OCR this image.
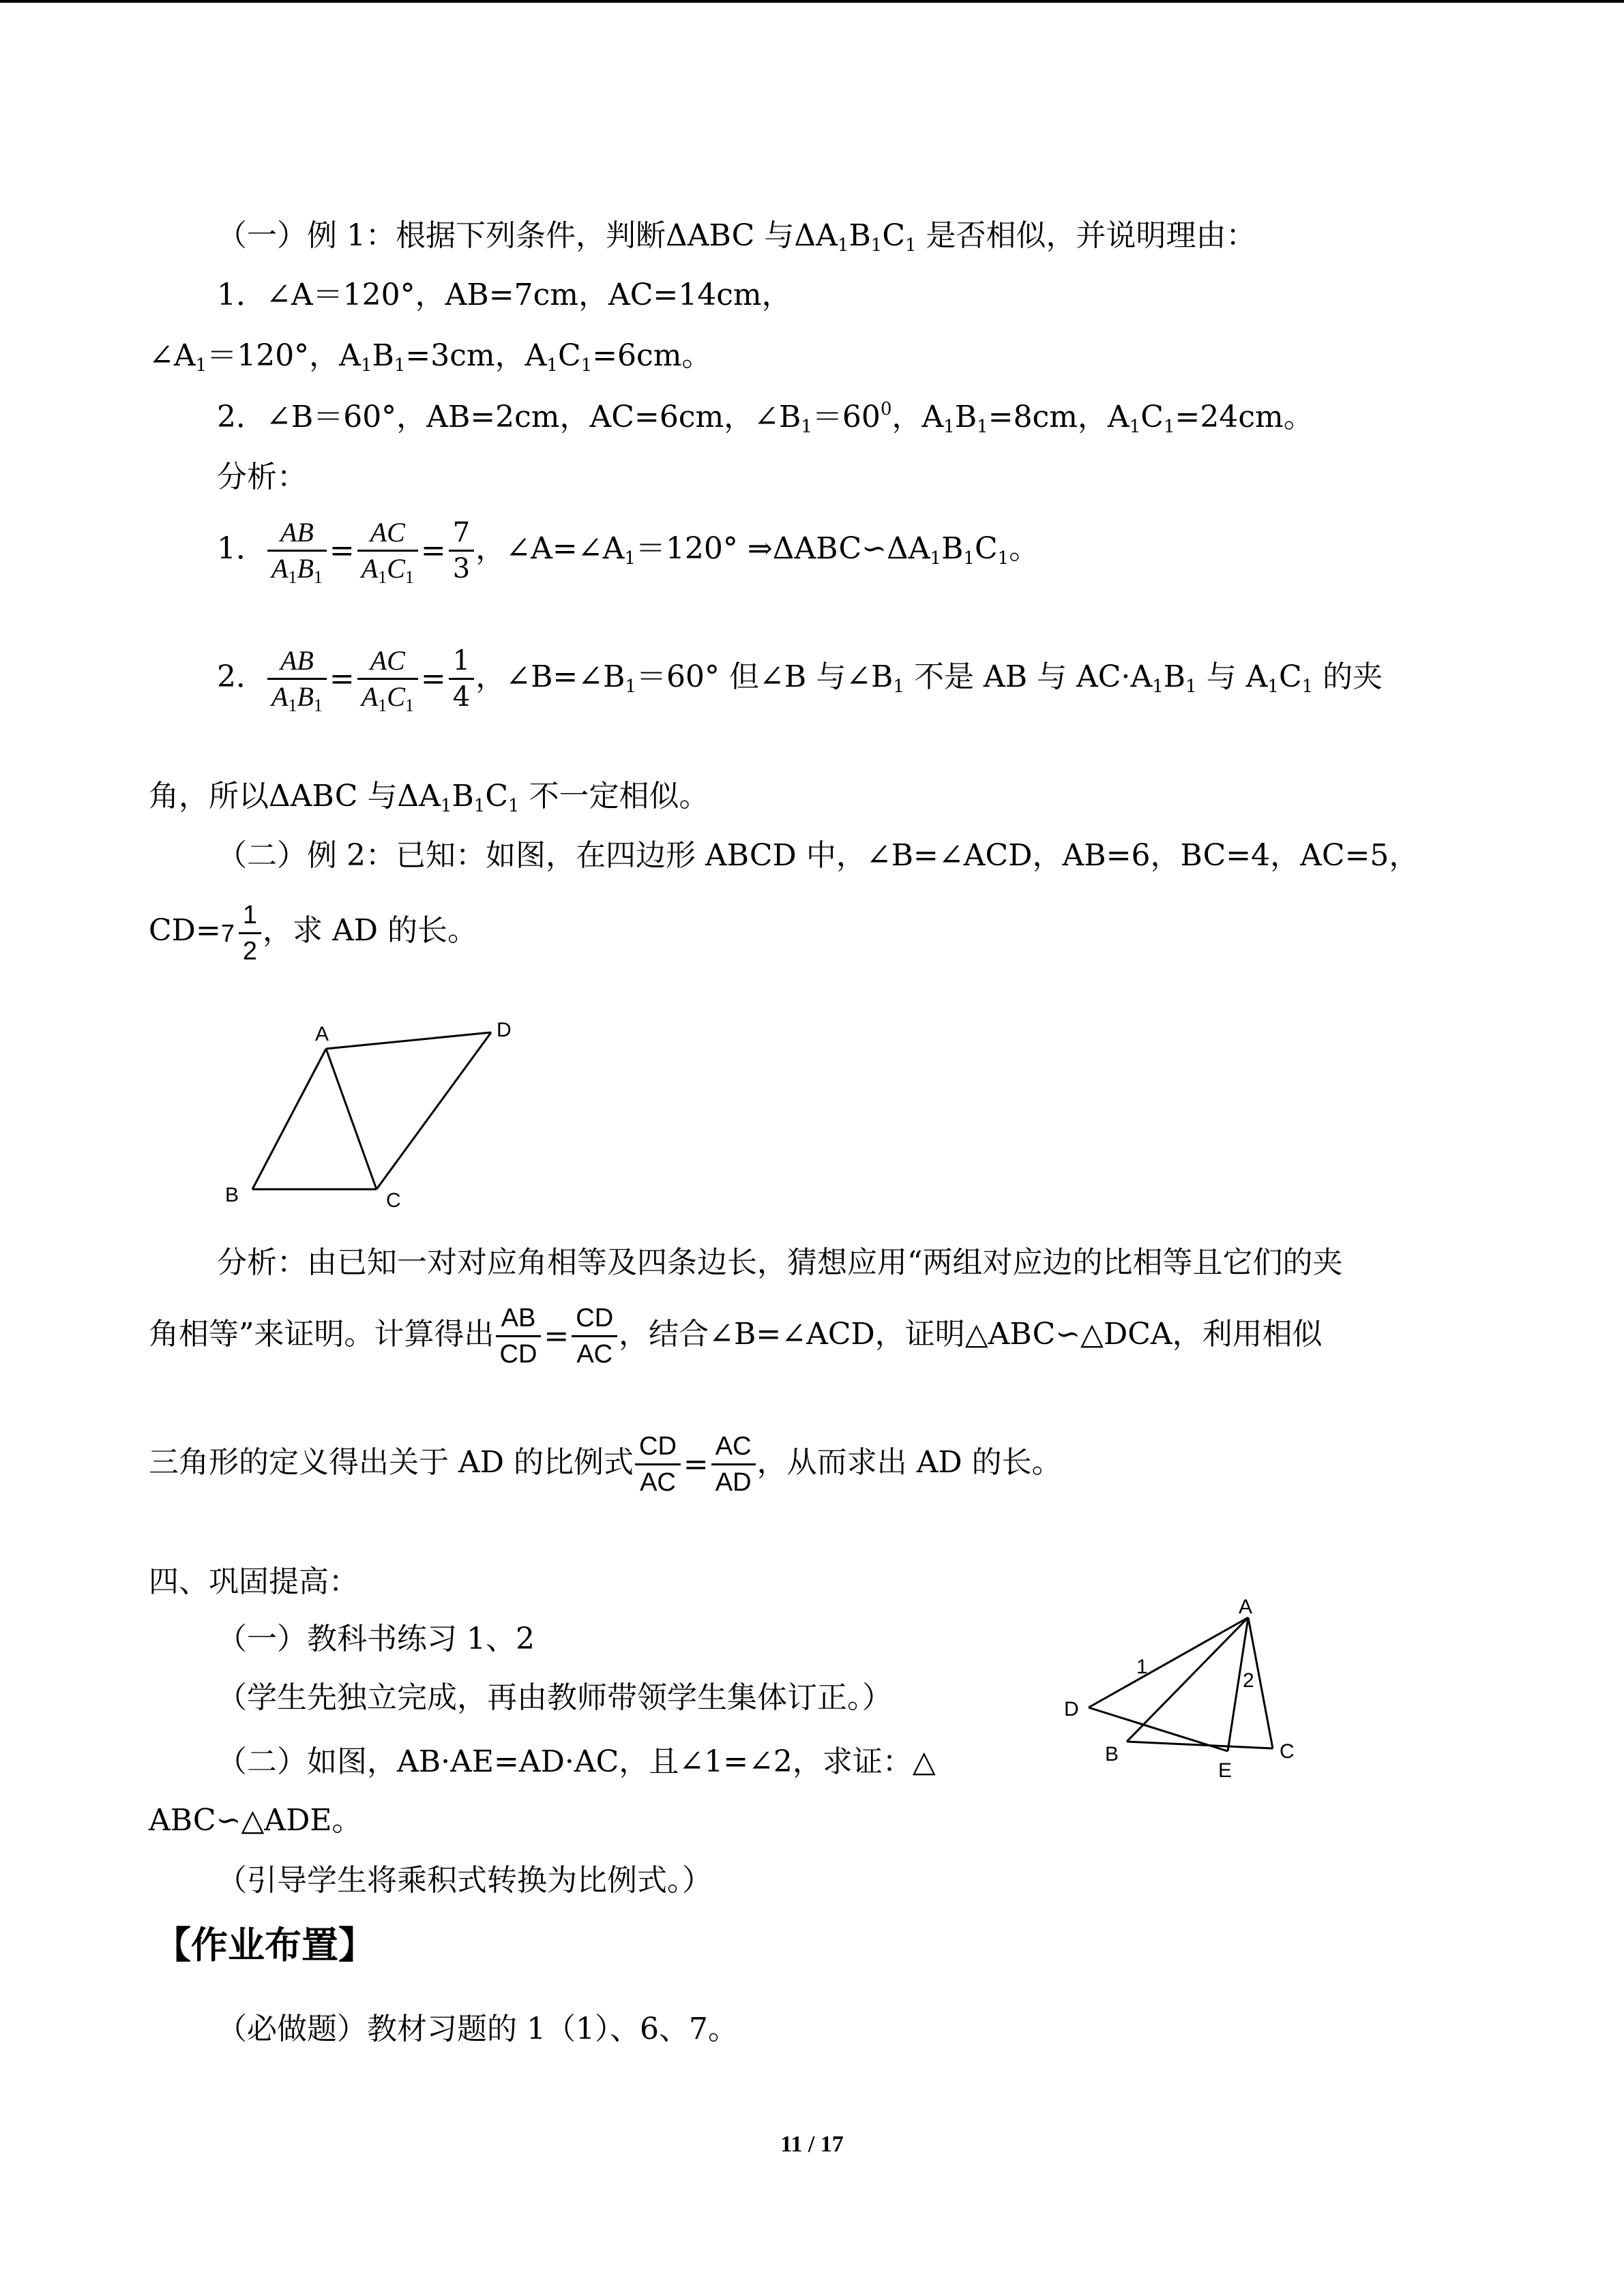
（一）例 1：根据下列条件，判断ΔABC 与$\Delta A_1B_1C_1$ 是否相似，并说明理由：
1．∠A＝120°，AB=7cm，AC=14cm，
$\angle A_1=120^\circ$，$A_1B_1=3cm$，$A_1C_1=6cm$。
2．∠B＝60°，AB=2cm，AC=6cm，$\angle B_1=60^0$，$A_1B_1=8cm$，$A_1C_1=24cm$。
分析：
1． $\frac{AB}{A_1B_1} = \frac{AC}{A_1C_1} = \frac{7}{3}$ ，$\angle A=\angle A_1=120^\circ$ $\Rightarrow\Delta ABC∽\Delta A_1B_1C_1$。
2． $\frac{AB}{A_1B_1} = \frac{AC}{A_1C_1} = \frac{1}{4}$ ，$\angle B=\angle B_1=60^\circ$ 但∠B 与$\angle B_1$ 不是 AB 与 $AC\cdot A_1B_1$ 与 $A_1C_1$ 的夹
角，所以ΔABC 与$\Delta A_1B_1C_1$ 不一定相似。
（二）例 2：已知：如图，在四边形 ABCD 中，∠B=∠ACD，AB=6，BC=4，AC=5，
$CD=7 \frac{1}{2}$ ，求 AD 的长。
A
B	C
D
分析：由已知一对对应角相等及四条边长，猜想应用“两组对应边的比相等且它们的夹
角相等”来证明。计算得出 $\frac{AB}{CD} = \frac{CD}{AC}$ ，结合∠B=∠ACD，证明△ABC∽△DCA，利用相似
三角形的定义得出关于 AD 的比例式 $\frac{CD}{AC} = \frac{AC}{AD}$ ，从而求出 AD 的长。
四、巩固提高：
（一）教科书练习 1、2
（学生先独立完成，再由教师带领学生集体订正。）
（二）如图，AB·AE=AD·AC，且∠1=∠2，求证：△
ABC∽△ADE。
（引导学生将乘积式转换为比例式。）
A
1
2
D
B
E
C
【作业布置】
（必做题）教材习题的 1（1）、6、7。
11 / 17
